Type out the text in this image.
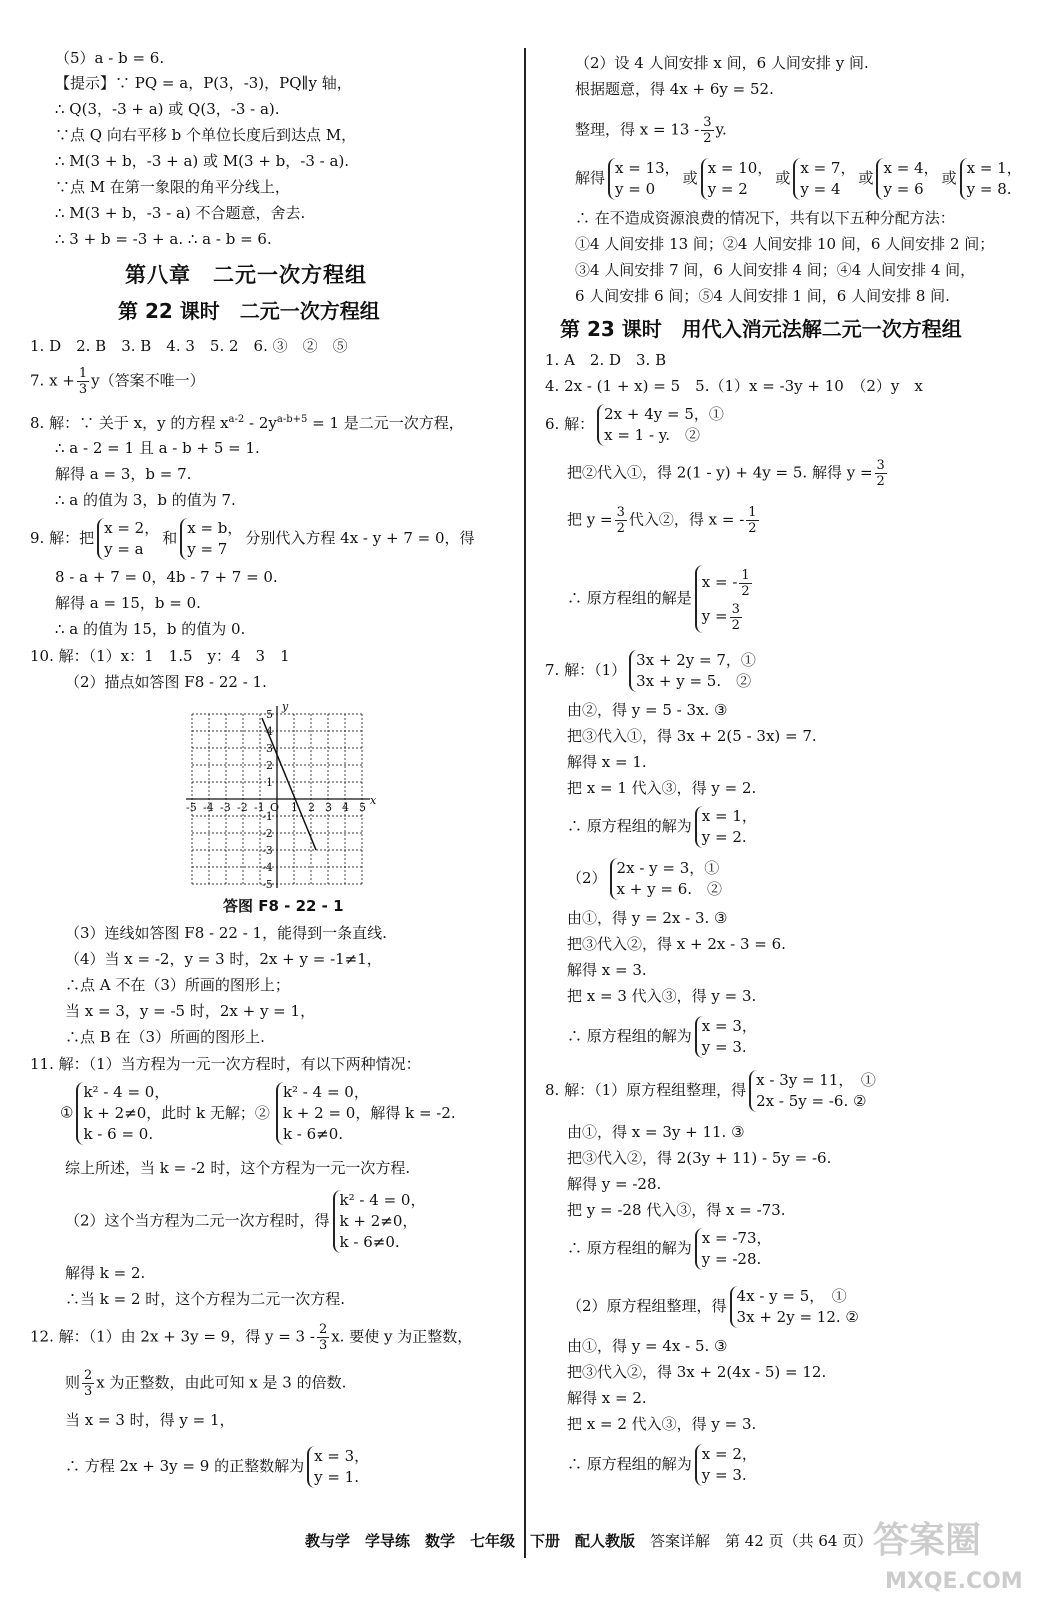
（5）a - b = 6.
【提示】∵ PQ = a，P(3，-3)，PQ∥y 轴，
∴ Q(3，-3 + a) 或 Q(3，-3 - a).
∵点 Q 向右平移 b 个单位长度后到达点 M，
∴ M(3 + b，-3 + a) 或 M(3 + b，-3 - a).
∵点 M 在第一象限的角平分线上，
∴ M(3 + b，-3 - a) 不合题意，舍去.
∴ 3 + b = -3 + a. ∴ a - b = 6.
第八章　二元一次方程组
第 22 课时　二元一次方程组
1. D　2. B　3. B　4. 3　5. 2　6. ③　②　⑤
7. $x + \frac{1}{3} y$（答案不唯一）
8. 解：∵ 关于 x，y 的方程 $x^{a-2} - 2y^{a-b+5} = 1$ 是二元一次方程，
∴ a - 2 = 1 且 a - b + 5 = 1.
解得 a = 3，b = 7.
∴ a 的值为 3，b 的值为 7.
9. 解：把
x = 2，
y = a
和
x = b，
y = 7
分别代入方程 4x - y + 7 = 0，得
8 - a + 7 = 0，4b - 7 + 7 = 0.
解得 a = 15，b = 0.
∴ a 的值为 15，b 的值为 0.
10. 解：（1）x：1　1.5　y：4　3　1
（2）描点如答图 F8 - 22 - 1.
-5 -4 -3 -2 -1 O 1 2 3 4 5
x
y
5
4
3
2
1
-1
-2
-3
-4
-5
答图 F8 - 22 - 1
（3）连线如答图 F8 - 22 - 1，能得到一条直线.
（4）当 x = -2，y = 3 时，2x + y = -1≠1，
∴点 A 不在（3）所画的图形上；
当 x = 3，y = -5 时，2x + y = 1，
∴点 B 在（3）所画的图形上.
11. 解：（1）当方程为一元一次方程时，有以下两种情况：
①
k² - 4 = 0，
k + 2≠0，此时 k 无解；②
k - 6 = 0.
k² - 4 = 0，
k + 2 = 0，解得 k = -2.
k - 6≠0.
综上所述，当 k = -2 时，这个方程为一元一次方程.
（2）这个当方程为二元一次方程时，得
k² - 4 = 0，
k + 2≠0，
k - 6≠0.
解得 k = 2.
∴当 k = 2 时，这个方程为二元一次方程.
12. 解：（1）由 2x + 3y = 9，得 $y = 3 - \frac{2}{3} x$. 要使 y 为正整数，
则 $\frac{2}{3}$ x 为正整数，由此可知 x 是 3 的倍数.
当 x = 3 时，得 y = 1，
∴ 方程 2x + 3y = 9 的正整数解为
x = 3，
y = 1.
（2）设 4 人间安排 x 间，6 人间安排 y 间.
根据题意，得 4x + 6y = 52.
整理，得 $x = 13 - \frac{3}{2} y$.
解得
x = 13，
y = 0
或
x = 10，
y = 2
或
x = 7，
y = 4
或
x = 4，
y = 6
或
x = 1，
y = 8.
∴ 在不造成资源浪费的情况下，共有以下五种分配方法：
①4 人间安排 13 间；②4 人间安排 10 间，6 人间安排 2 间；
③4 人间安排 7 间，6 人间安排 4 间；④4 人间安排 4 间，
6 人间安排 6 间；⑤4 人间安排 1 间，6 人间安排 8 间.
第 23 课时　用代入消元法解二元一次方程组
1. A　2. D　3. B
4. 2x - (1 + x) = 5　5.（1）x = -3y + 10　（2）y　x
6. 解：
2x + 4y = 5，①
x = 1 - y.　②
把②代入①，得 2(1 - y) + 4y = 5. 解得 $y = \frac{3}{2}$
把 $y = \frac{3}{2}$ 代入②，得 x = - $\frac{1}{2}$
∴ 原方程组的解是
x = - $\frac{1}{2}$
$y = \frac{3}{2}$
7. 解：（1）
3x + 2y = 7，①
3x + y = 5.　②
由②，得 y = 5 - 3x. ③
把③代入①，得 3x + 2(5 - 3x) = 7.
解得 x = 1.
把 x = 1 代入③，得 y = 2.
∴ 原方程组的解为
x = 1，
y = 2.
（2）
2x - y = 3，①
x + y = 6.　②
由①，得 y = 2x - 3. ③
把③代入②，得 x + 2x - 3 = 6.
解得 x = 3.
把 x = 3 代入③，得 y = 3.
∴ 原方程组的解为
x = 3，
y = 3.
8. 解：（1）原方程组整理，得
x - 3y = 11，　①
2x - 5y = -6. ②
由①，得 x = 3y + 11. ③
把③代入②，得 2(3y + 11) - 5y = -6.
解得 y = -28.
把 y = -28 代入③，得 x = -73.
∴ 原方程组的解为
x = -73，
y = -28.
（2）原方程组整理，得
4x - y = 5，　①
3x + 2y = 12. ②
由①，得 y = 4x - 5. ③
把③代入②，得 3x + 2(4x - 5) = 12.
解得 x = 2.
把 x = 2 代入③，得 y = 3.
∴ 原方程组的解为
x = 2，
y = 3.
教与学　学导练　数学　七年级　下册　配人教版 答案详解　第 42 页（共 64 页） 答案圈
MXQE.COM
